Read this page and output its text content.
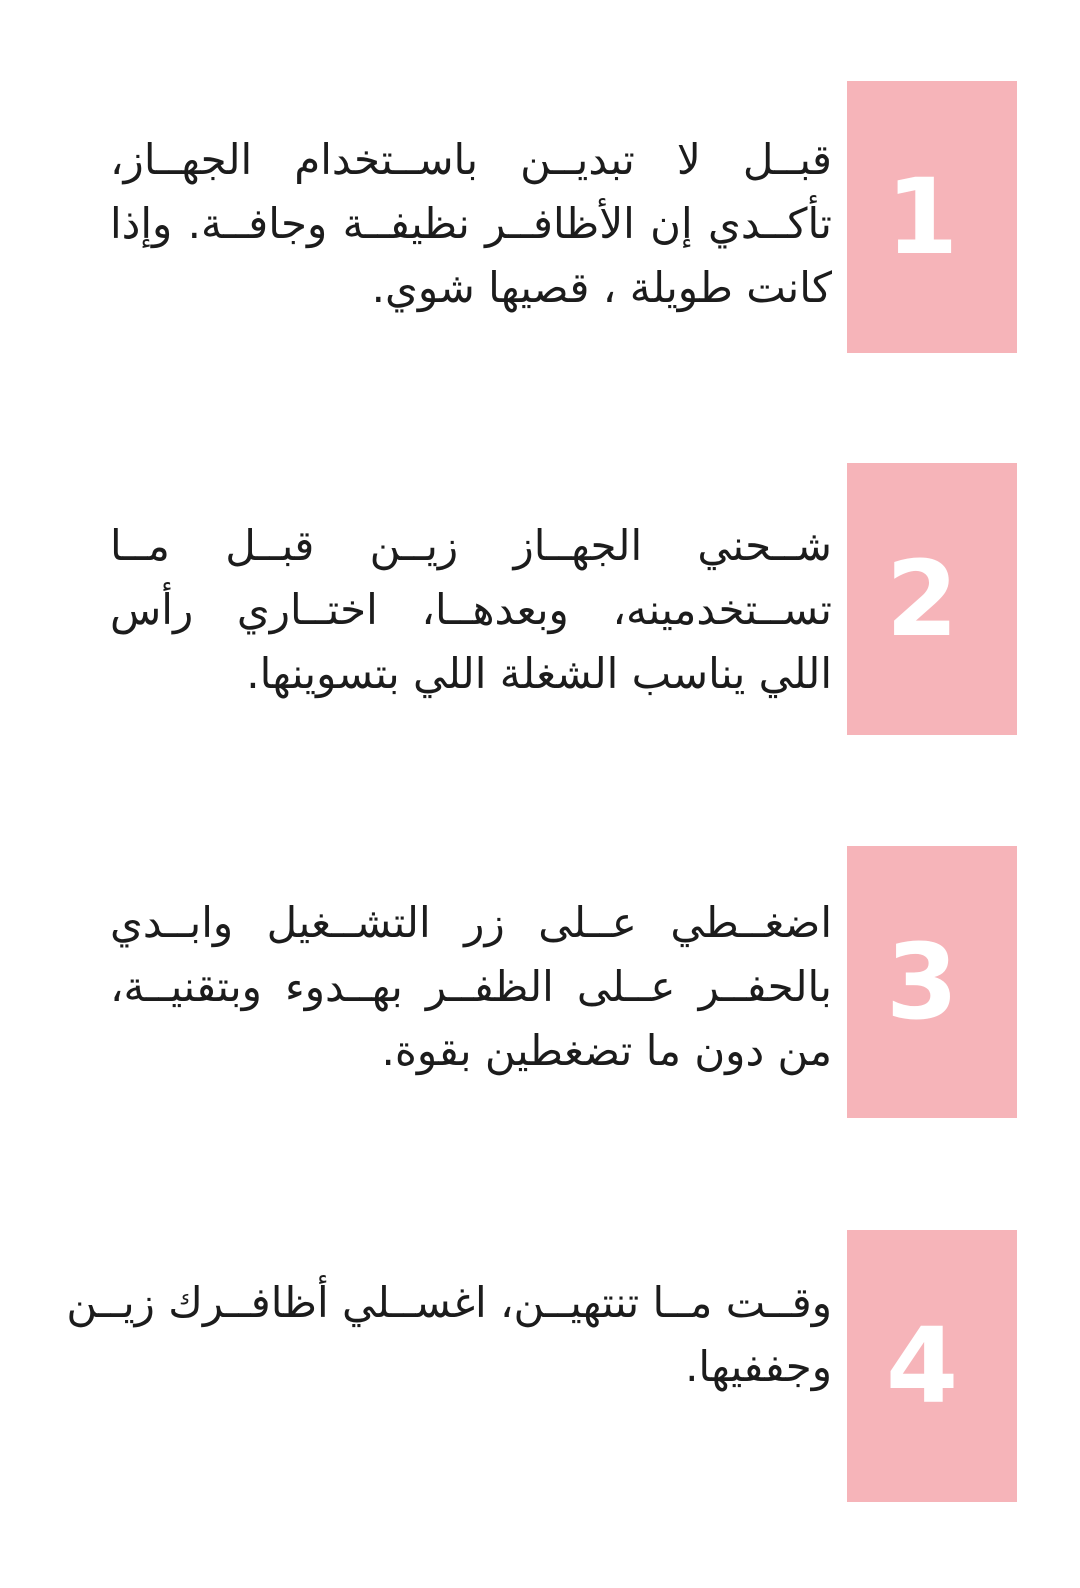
قبــل لا تبديــن باســتخدام الجهــاز،
تأكــدي إن الأظافــر نظيفــة وجافــة. وإذا
كانت طويلة ، قصيها شوي.
1
شــحني الجهــاز زيــن قبــل مــا
تســتخدمينه، وبعدهــا، اختــاري رأس
اللي يناسب الشغلة اللي بتسوينها.
2
اضغــطي عــلى زر التشــغيل وابــدي
بالحفــر عــلى الظفــر بهــدوء وبتقنيــة،
من دون ما تضغطين بقوة.
3
وقــت مــا تنتهيــن، اغســلي أظافــرك زيــن
وجففيها. 4
